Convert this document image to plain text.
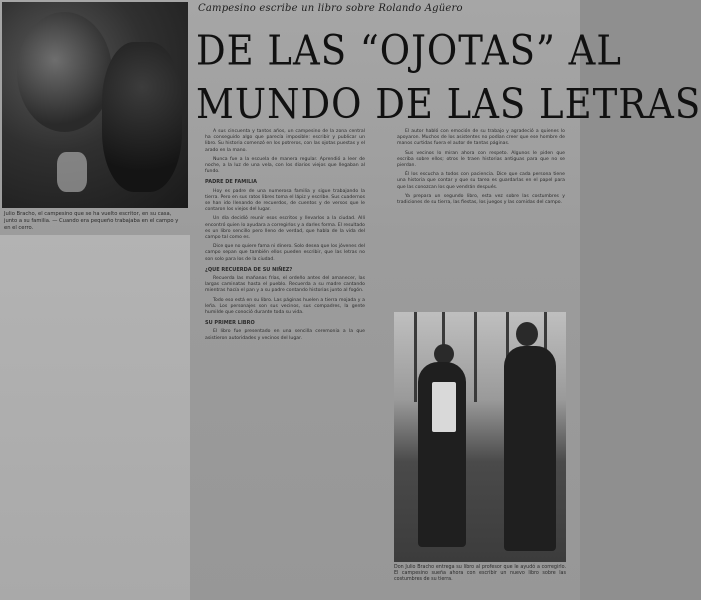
Julio Bracho, el campesino que se ha vuelto escritor, en su casa, junto a su familia. — Cuando era pequeño trabajaba en el campo y en el cerro.
Campesino escribe un libro sobre Rolando Agüero
DE LAS “OJOTAS” AL
MUNDO DE LAS LETRAS

A sus cincuenta y tantos años, un campesino de la zona central ha conseguido algo que parecía imposible: escribir y publicar un libro. Su historia comenzó en los potreros, con las ojotas puestas y el arado en la mano.

Nunca fue a la escuela de manera regular. Aprendió a leer de noche, a la luz de una vela, con los diarios viejos que llegaban al fundo.

PADRE DE FAMILIA

Hoy es padre de una numerosa familia y sigue trabajando la tierra. Pero en sus ratos libres toma el lápiz y escribe. Sus cuadernos se han ido llenando de recuerdos, de cuentos y de versos que le contaron los viejos del lugar.

Un día decidió reunir esos escritos y llevarlos a la ciudad. Allí encontró quien lo ayudara a corregirlos y a darles forma. El resultado es un libro sencillo pero lleno de verdad, que habla de la vida del campo tal como es.

Dice que no quiere fama ni dinero. Solo desea que los jóvenes del campo sepan que también ellos pueden escribir, que las letras no son solo para los de la ciudad.

¿QUE RECUERDA DE SU NIÑEZ?

Recuerda las mañanas frías, el ordeño antes del amanecer, las largas caminatas hasta el pueblo. Recuerda a su madre cantando mientras hacía el pan y a su padre contando historias junto al fogón.

Todo eso está en su libro. Las páginas huelen a tierra mojada y a leña. Los personajes son sus vecinos, sus compadres, la gente humilde que conoció durante toda su vida.

SU PRIMER LIBRO

El libro fue presentado en una sencilla ceremonia a la que asistieron autoridades y vecinos del lugar.

El autor habló con emoción de su trabajo y agradeció a quienes lo apoyaron. Muchos de los asistentes no podían creer que ese hombre de manos curtidas fuera el autor de tantas páginas.

Sus vecinos lo miran ahora con respeto. Algunos le piden que escriba sobre ellos; otros le traen historias antiguas para que no se pierdan.

Él los escucha a todos con paciencia. Dice que cada persona tiene una historia que contar y que su tarea es guardarlas en el papel para que las conozcan los que vendrán después.

Ya prepara un segundo libro, esta vez sobre las costumbres y tradiciones de su tierra, las fiestas, los juegos y las comidas del campo.

Don Julio Bracho entrega su libro al profesor que le ayudó a corregirlo. El campesino sueña ahora con escribir un nuevo libro sobre las costumbres de su tierra.
